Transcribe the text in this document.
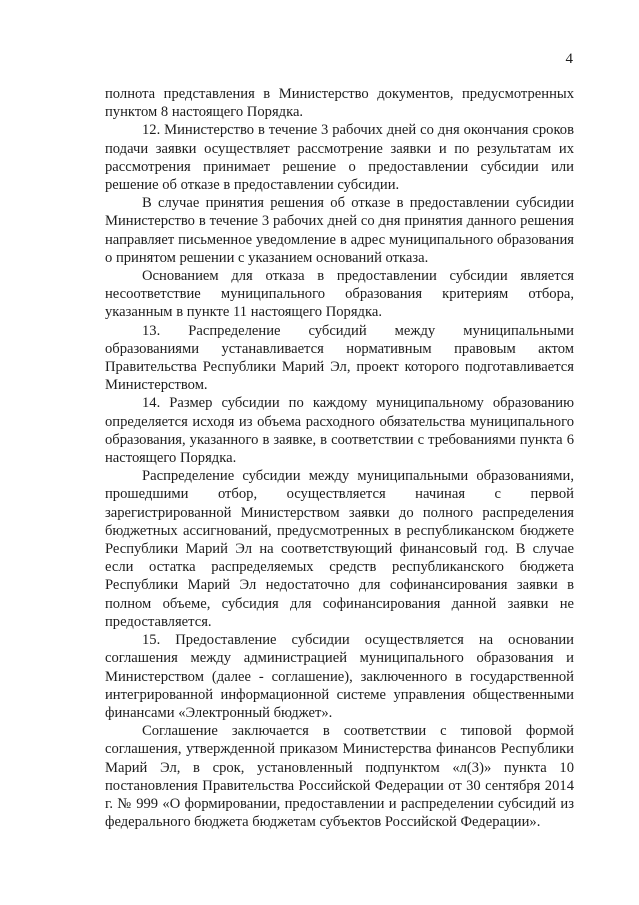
4

полнота представления в Министерство документов, предусмотренных пунктом 8 настоящего Порядка.

12. Министерство в течение 3 рабочих дней со дня окончания сроков подачи заявки осуществляет рассмотрение заявки и по результатам их рассмотрения принимает решение о предоставлении субсидии или решение об отказе в предоставлении субсидии.

В случае принятия решения об отказе в предоставлении субсидии Министерство в течение 3 рабочих дней со дня принятия данного решения направляет письменное уведомление в адрес муниципального образования о принятом решении с указанием оснований отказа.

Основанием для отказа в предоставлении субсидии является несоответствие муниципального образования критериям отбора, указанным в пункте 11 настоящего Порядка.

13. Распределение субсидий между муниципальными образованиями устанавливается нормативным правовым актом Правительства Республики Марий Эл, проект которого подготавливается Министерством.

14. Размер субсидии по каждому муниципальному образованию определяется исходя из объема расходного обязательства муниципального образования, указанного в заявке, в соответствии с требованиями пункта 6 настоящего Порядка.

Распределение субсидии между муниципальными образованиями, прошедшими отбор, осуществляется начиная с первой зарегистрированной Министерством заявки до полного распределения бюджетных ассигнований, предусмотренных в республиканском бюджете Республики Марий Эл на соответствующий финансовый год. В случае если остатка распределяемых средств республиканского бюджета Республики Марий Эл недостаточно для софинансирования заявки в полном объеме, субсидия для софинансирования данной заявки не предоставляется.

15. Предоставление субсидии осуществляется на основании соглашения между администрацией муниципального образования и Министерством (далее - соглашение), заключенного в государственной интегрированной информационной системе управления общественными финансами «Электронный бюджет».

Соглашение заключается в соответствии с типовой формой соглашения, утвержденной приказом Министерства финансов Республики Марий Эл, в срок, установленный подпунктом «л(3)» пункта 10 постановления Правительства Российской Федерации от 30 сентября 2014 г. № 999 «О формировании, предоставлении и распределении субсидий из федерального бюджета бюджетам субъектов Российской Федерации».
